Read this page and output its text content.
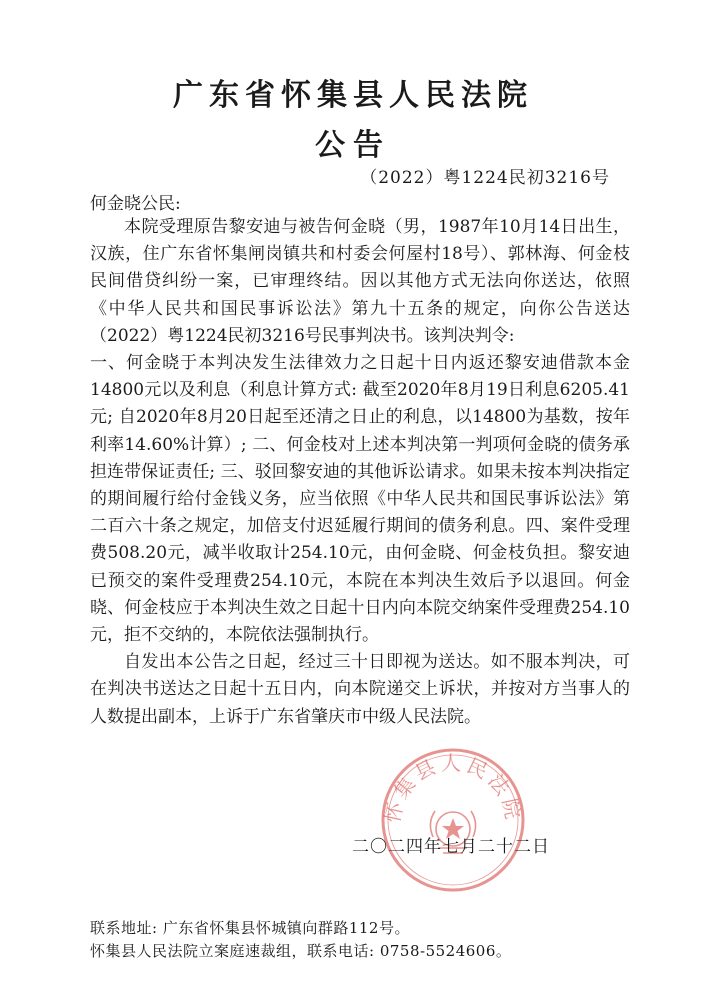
广东省怀集县人民法院
公告
（2022）粤1224民初3216号
何金晓公民:

本院受理原告黎安迪与被告何金晓（男，1987年10月14日出生，汉族，住广东省怀集闸岗镇共和村委会何屋村18号）、郭林海、何金枝民间借贷纠纷一案，已审理终结。因以其他方式无法向你送达，依照《中华人民共和国民事诉讼法》第九十五条的规定，向你公告送达（2022）粤1224民初3216号民事判决书。该判决判令:

一、何金晓于本判决发生法律效力之日起十日内返还黎安迪借款本金14800元以及利息（利息计算方式: 截至2020年8月19日利息6205.41元; 自2020年8月20日起至还清之日止的利息，以14800为基数，按年利率14.60%计算）; 二、何金枝对上述本判决第一判项何金晓的债务承担连带保证责任; 三、驳回黎安迪的其他诉讼请求。如果未按本判决指定的期间履行给付金钱义务，应当依照《中华人民共和国民事诉讼法》第二百六十条之规定，加倍支付迟延履行期间的债务利息。四、案件受理费508.20元，减半收取计254.10元，由何金晓、何金枝负担。黎安迪已预交的案件受理费254.10元，本院在本判决生效后予以退回。何金晓、何金枝应于本判决生效之日起十日内向本院交纳案件受理费254.10元，拒不交纳的，本院依法强制执行。

自发出本公告之日起，经过三十日即视为送达。如不服本判决，可在判决书送达之日起十五日内，向本院递交上诉状，并按对方当事人的人数提出副本，上诉于广东省肇庆市中级人民法院。

怀集县人民法院
二〇二四年七月二十二日
联系地址: 广东省怀集县怀城镇向群路112号。
怀集县人民法院立案庭速裁组，联系电话: 0758-5524606。
